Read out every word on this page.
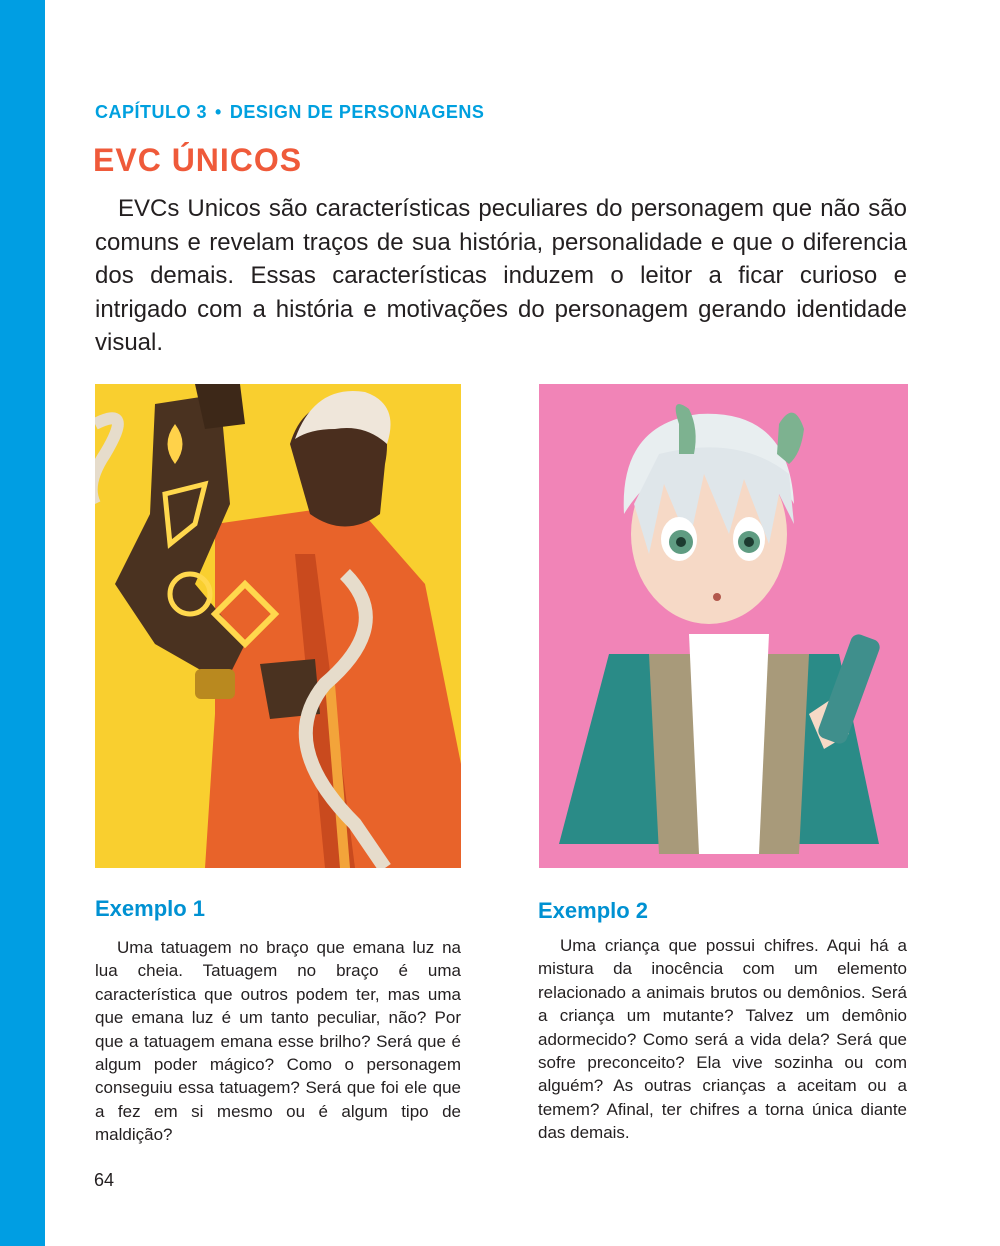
CAPÍTULO 3 • DESIGN DE PERSONAGENS
EVC ÚNICOS

EVCs Unicos são características peculiares do personagem que não são comuns e revelam traços de sua história, personalidade e que o diferencia dos demais. Essas características induzem o leitor a ficar curioso e intrigado com a história e motivações do personagem gerando identidade visual.

Exemplo 1

Uma tatuagem no braço que emana luz na lua cheia. Tatuagem no braço é uma característica que outros podem ter, mas uma que emana luz é um tanto peculiar, não? Por que a tatuagem emana esse brilho? Será que é algum poder mágico? Como o personagem conseguiu essa tatuagem? Será que foi ele que a fez em si mesmo ou é algum tipo de maldição?

Exemplo 2

Uma criança que possui chifres. Aqui há a mistura da inocência com um elemento relacionado a animais brutos ou demônios. Será a criança um mutante? Talvez um demônio adormecido? Como será a vida dela? Será que sofre preconceito? Ela vive sozinha ou com alguém? As outras crianças a aceitam ou a temem? Afinal, ter chifres a torna única diante das demais.

64
